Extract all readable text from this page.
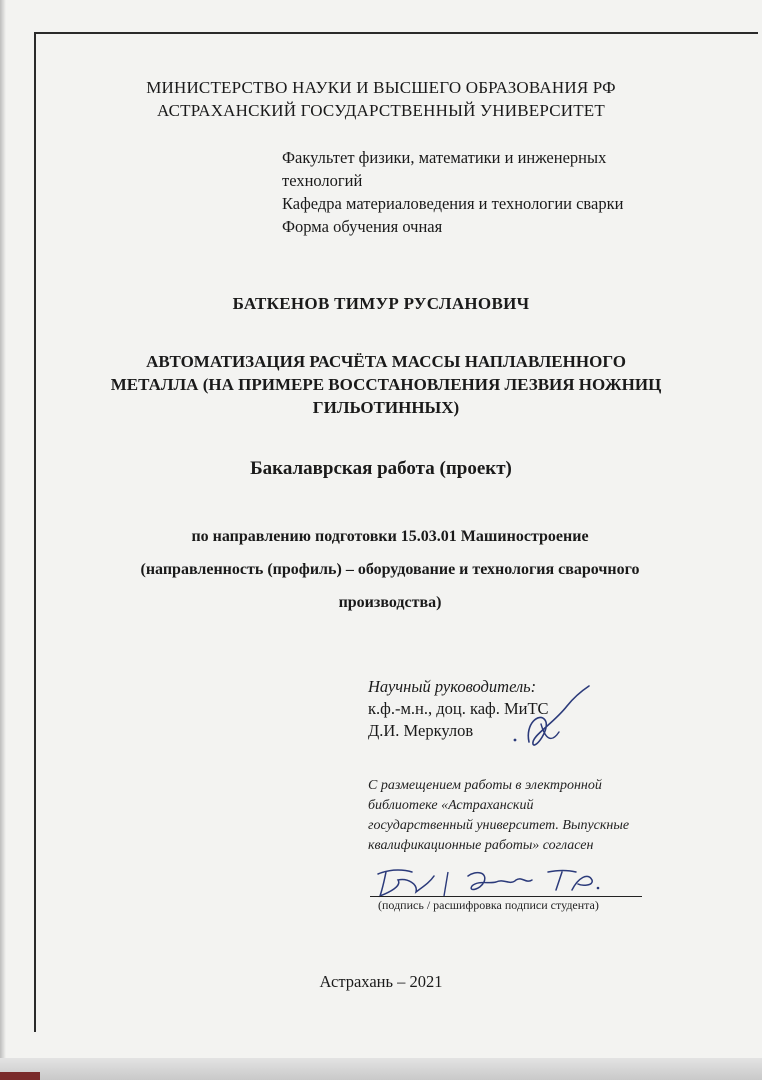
МИНИСТЕРСТВО НАУКИ И ВЫСШЕГО ОБРАЗОВАНИЯ РФ
АСТРАХАНСКИЙ ГОСУДАРСТВЕННЫЙ УНИВЕРСИТЕТ
Факультет физики, математики и инженерных
технологий
Кафедра материаловедения и технологии сварки
Форма обучения очная
БАТКЕНОВ ТИМУР РУСЛАНОВИЧ
АВТОМАТИЗАЦИЯ РАСЧЁТА МАССЫ НАПЛАВЛЕННОГО
МЕТАЛЛА (НА ПРИМЕРЕ ВОССТАНОВЛЕНИЯ ЛЕЗВИЯ НОЖНИЦ
ГИЛЬОТИННЫХ)
Бакалаврская работа (проект)
по направлению подготовки 15.03.01 Машиностроение
(направленность (профиль) – оборудование и технология сварочного
производства)
Научный руководитель:
к.ф.-м.н., доц. каф. МиТС
Д.И. Меркулов
С размещением работы в электронной
библиотеке «Астраханский
государственный университет. Выпускные
квалификационные работы» согласен
(подпись / расшифровка подписи студента)
Астрахань – 2021
